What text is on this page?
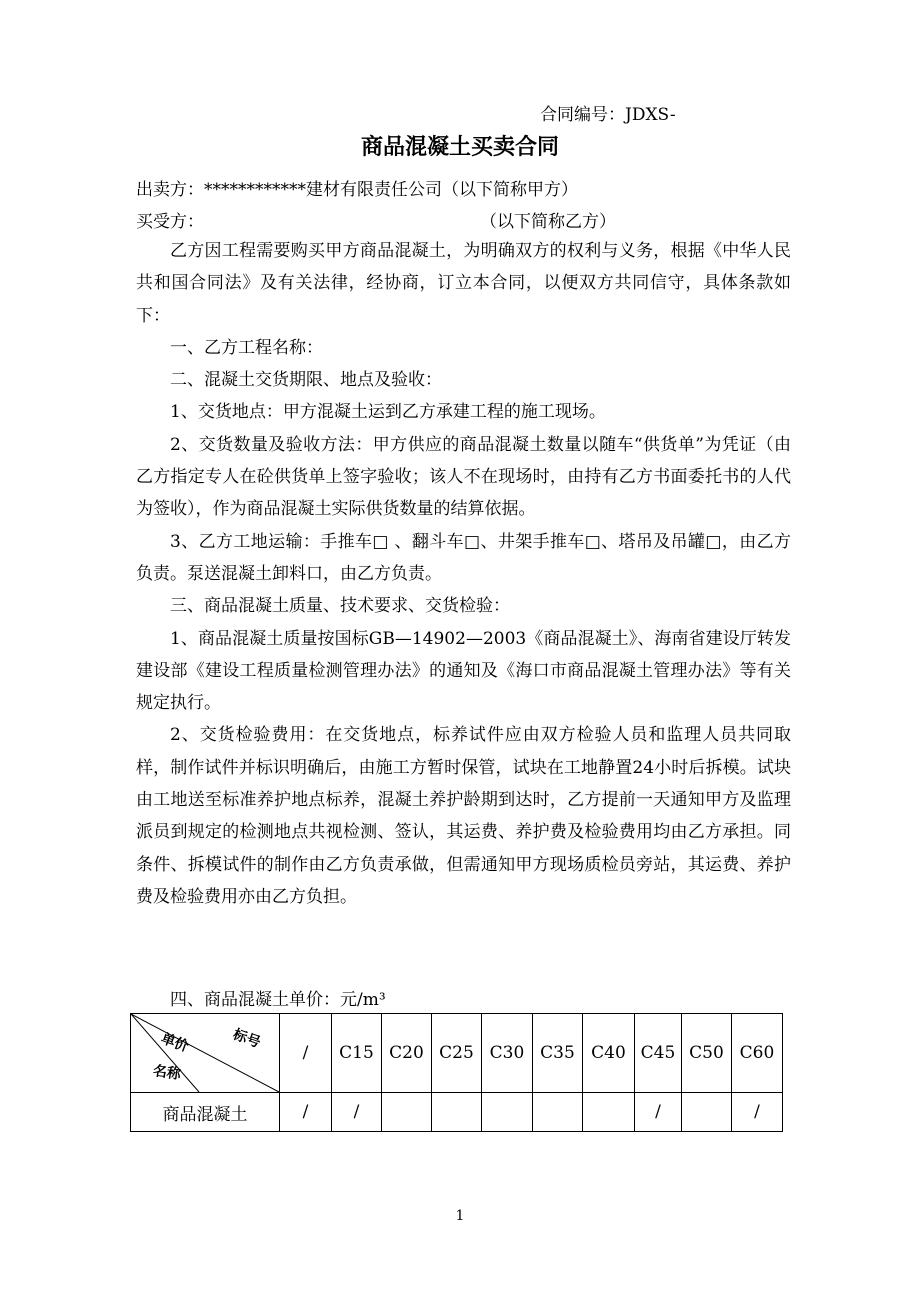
合同编号：JDXS-
商品混凝土买卖合同
出卖方：************建材有限责任公司（以下简称甲方）
买受方：	（以下简称乙方）

乙方因工程需要购买甲方商品混凝土，为明确双方的权利与义务，根据《中华人民共和国合同法》及有关法律，经协商，订立本合同，以便双方共同信守，具体条款如下：

一、乙方工程名称：

二、混凝土交货期限、地点及验收：

1、交货地点：甲方混凝土运到乙方承建工程的施工现场。

2、交货数量及验收方法：甲方供应的商品混凝土数量以随车“供货单”为凭证（由乙方指定专人在砼供货单上签字验收；该人不在现场时，由持有乙方书面委托书的人代为签收），作为商品混凝土实际供货数量的结算依据。

3、乙方工地运输：手推车□ 、翻斗车□、井架手推车□、塔吊及吊罐□，由乙方负责。泵送混凝土卸料口，由乙方负责。

三、商品混凝土质量、技术要求、交货检验：

1、商品混凝土质量按国标GB—14902—2003《商品混凝土》、海南省建设厅转发建设部《建设工程质量检测管理办法》的通知及《海口市商品混凝土管理办法》等有关规定执行。

2、交货检验费用：在交货地点，标养试件应由双方检验人员和监理人员共同取样，制作试件并标识明确后，由施工方暂时保管，试块在工地静置24小时后拆模。试块由工地送至标准养护地点标养，混凝土养护龄期到达时，乙方提前一天通知甲方及监理派员到规定的检测地点共视检测、签认，其运费、养护费及检验费用均由乙方承担。同条件、拆模试件的制作由乙方负责承做，但需通知甲方现场质检员旁站，其运费、养护费及检验费用亦由乙方负担。

四、商品混凝土单价：元/m³
单价 标号
名称	/	C15	C20	C25	C30	C35	C40	C45	C50	C60
商品混凝土	/	/						/		/
1
